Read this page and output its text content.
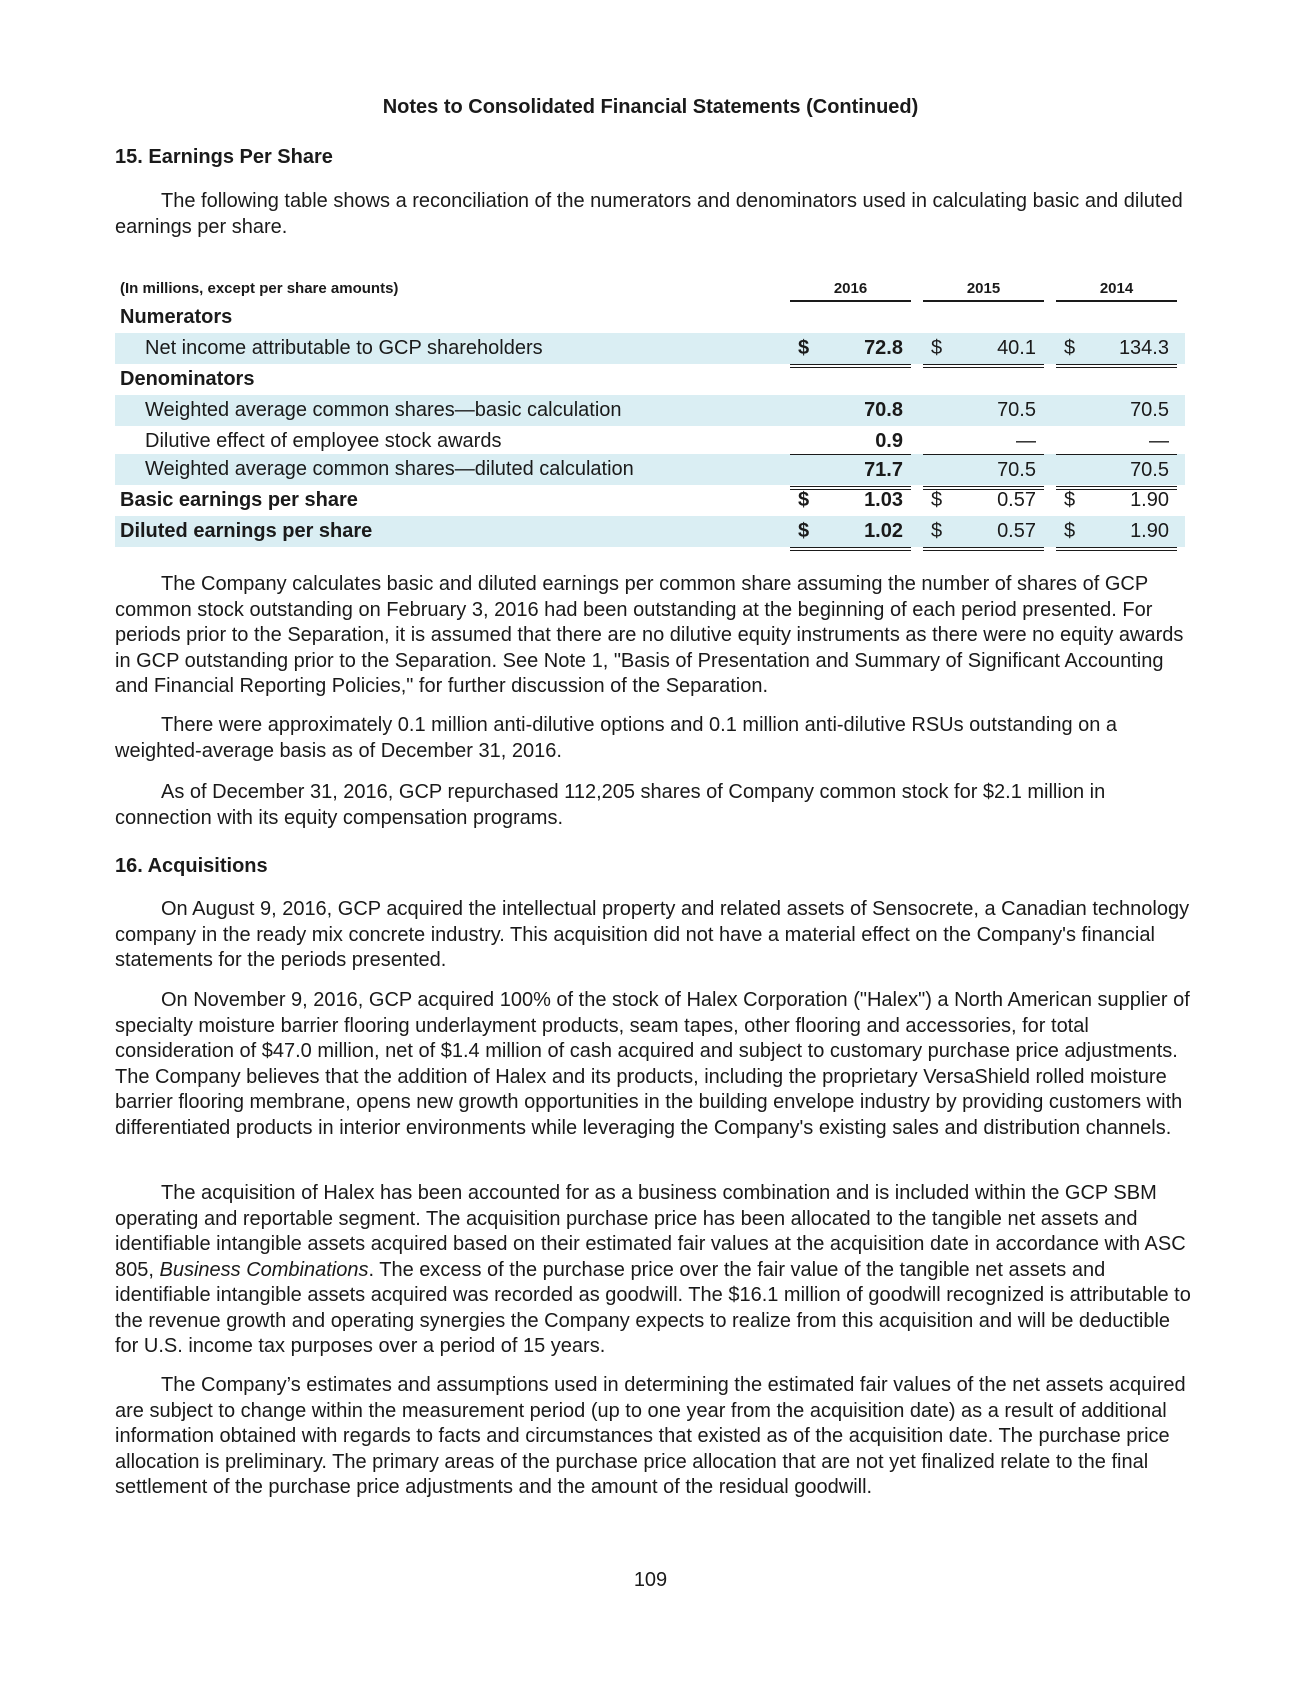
Notes to Consolidated Financial Statements (Continued)
15. Earnings Per Share
The following table shows a reconciliation of the numerators and denominators used in calculating basic and diluted earnings per share.
(In millions, except per share amounts)	2016	2015	2014
Numerators
Net income attributable to GCP shareholders	$	72.8 $	40.1 $ 134.3
Denominators
Weighted average common shares—basic calculation	70.8	70.5	70.5
Dilutive effect of employee stock awards	0.9	—	—
Weighted average common shares—diluted calculation	71.7	70.5	70.5
Basic earnings per share	$	1.03 $	0.57 $	1.90
Diluted earnings per share	$	1.02 $	0.57 $	1.90
The Company calculates basic and diluted earnings per common share assuming the number of shares of GCP common stock outstanding on February 3, 2016 had been outstanding at the beginning of each period presented. For periods prior to the Separation, it is assumed that there are no dilutive equity instruments as there were no equity awards in GCP outstanding prior to the Separation. See Note 1, "Basis of Presentation and Summary of Significant Accounting and Financial Reporting Policies," for further discussion of the Separation.
There were approximately 0.1 million anti-dilutive options and 0.1 million anti-dilutive RSUs outstanding on a weighted-average basis as of December 31, 2016.
As of December 31, 2016, GCP repurchased 112,205 shares of Company common stock for $2.1 million in connection with its equity compensation programs.
16. Acquisitions
On August 9, 2016, GCP acquired the intellectual property and related assets of Sensocrete, a Canadian technology company in the ready mix concrete industry. This acquisition did not have a material effect on the Company's financial statements for the periods presented.
On November 9, 2016, GCP acquired 100% of the stock of Halex Corporation ("Halex") a North American supplier of specialty moisture barrier flooring underlayment products, seam tapes, other flooring and accessories, for total consideration of $47.0 million, net of $1.4 million of cash acquired and subject to customary purchase price adjustments. The Company believes that the addition of Halex and its products, including the proprietary VersaShield rolled moisture barrier flooring membrane, opens new growth opportunities in the building envelope industry by providing customers with differentiated products in interior environments while leveraging the Company's existing sales and distribution channels.
The acquisition of Halex has been accounted for as a business combination and is included within the GCP SBM operating and reportable segment. The acquisition purchase price has been allocated to the tangible net assets and identifiable intangible assets acquired based on their estimated fair values at the acquisition date in accordance with ASC 805, Business Combinations. The excess of the purchase price over the fair value of the tangible net assets and identifiable intangible assets acquired was recorded as goodwill. The $16.1 million of goodwill recognized is attributable to the revenue growth and operating synergies the Company expects to realize from this acquisition and will be deductible for U.S. income tax purposes over a period of 15 years.
The Company’s estimates and assumptions used in determining the estimated fair values of the net assets acquired are subject to change within the measurement period (up to one year from the acquisition date) as a result of additional information obtained with regards to facts and circumstances that existed as of the acquisition date. The purchase price allocation is preliminary. The primary areas of the purchase price allocation that are not yet finalized relate to the final settlement of the purchase price adjustments and the amount of the residual goodwill.
109
